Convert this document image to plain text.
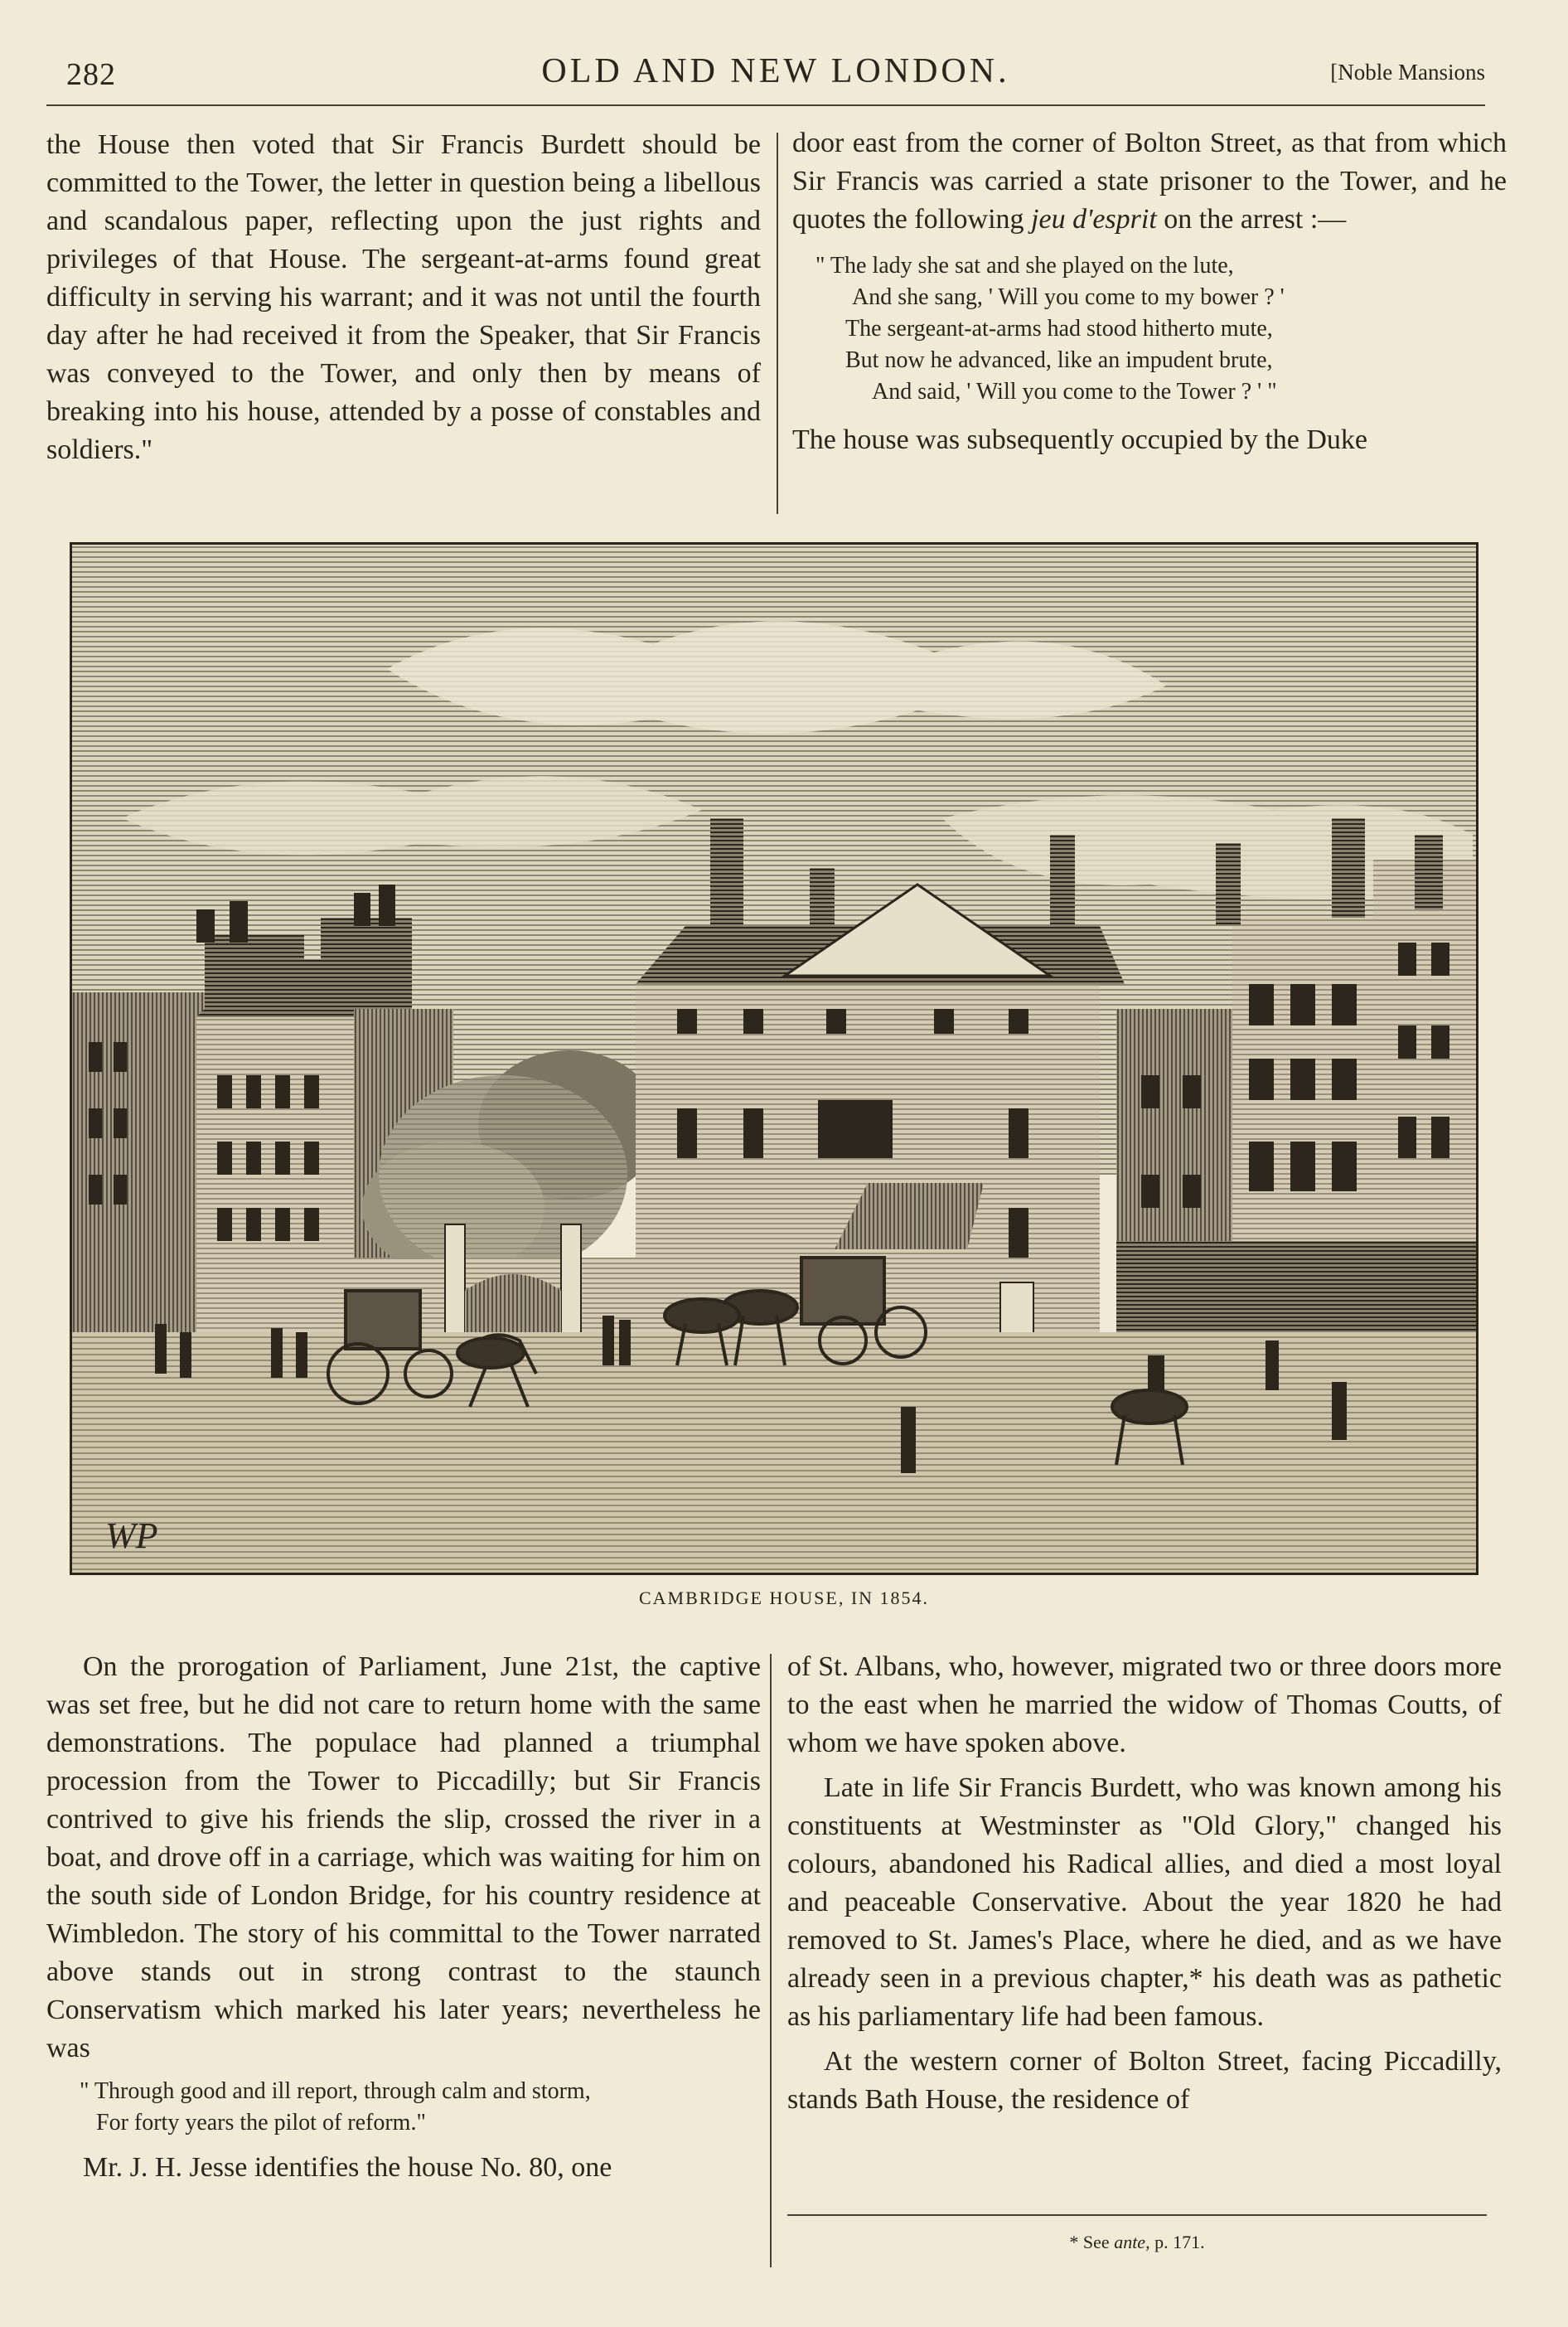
282	OLD AND NEW LONDON.	[Noble Mansions

the House then voted that Sir Francis Burdett should be committed to the Tower, the letter in question being a libellous and scandalous paper, reflecting upon the just rights and privileges of that House. The sergeant-at-arms found great difficulty in serving his warrant; and it was not until the fourth day after he had received it from the Speaker, that Sir Francis was conveyed to the Tower, and only then by means of breaking into his house, attended by a posse of constables and soldiers."

door east from the corner of Bolton Street, as that from which Sir Francis was carried a state prisoner to the Tower, and he quotes the following jeu d'esprit on the arrest :—

" The lady she sat and she played on the lute,
And she sang, ' Will you come to my bower ? '
The sergeant-at-arms had stood hitherto mute,
But now he advanced, like an impudent brute,
And said, ' Will you come to the Tower ? ' "

The house was subsequently occupied by the Duke

WP
CAMBRIDGE HOUSE, IN 1854.

On the prorogation of Parliament, June 21st, the captive was set free, but he did not care to return home with the same demonstrations. The populace had planned a triumphal procession from the Tower to Piccadilly; but Sir Francis contrived to give his friends the slip, crossed the river in a boat, and drove off in a carriage, which was waiting for him on the south side of London Bridge, for his country residence at Wimbledon. The story of his committal to the Tower narrated above stands out in strong contrast to the staunch Conservatism which marked his later years; nevertheless he was

" Through good and ill report, through calm and storm,
For forty years the pilot of reform."

Mr. J. H. Jesse identifies the house No. 80, one

of St. Albans, who, however, migrated two or three doors more to the east when he married the widow of Thomas Coutts, of whom we have spoken above.

Late in life Sir Francis Burdett, who was known among his constituents at Westminster as "Old Glory," changed his colours, abandoned his Radical allies, and died a most loyal and peaceable Conservative. About the year 1820 he had removed to St. James's Place, where he died, and as we have already seen in a previous chapter,* his death was as pathetic as his parliamentary life had been famous.

At the western corner of Bolton Street, facing Piccadilly, stands Bath House, the residence of

* See ante, p. 171.
